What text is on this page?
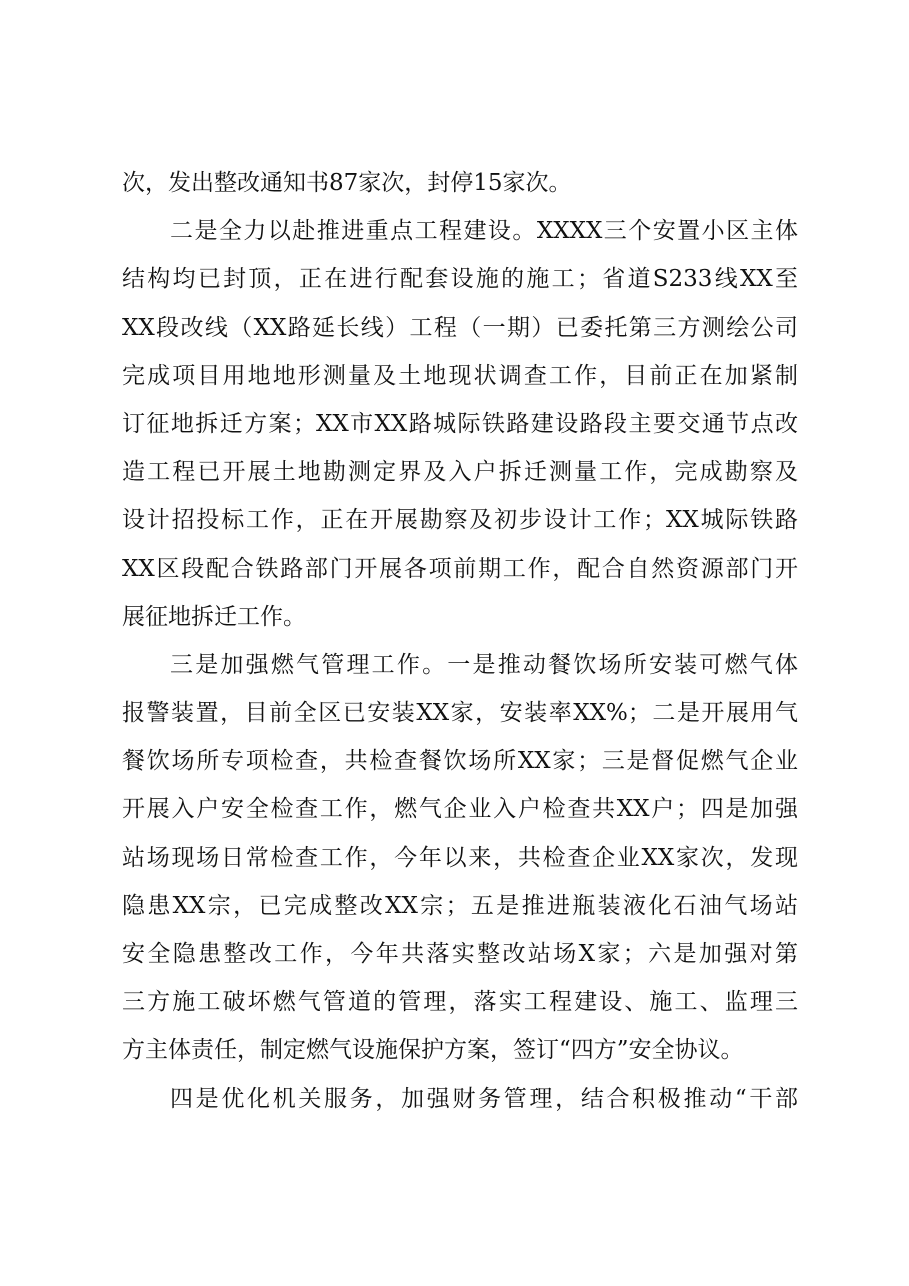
次，发出整改通知书87家次，封停15家次。
二是全力以赴推进重点工程建设。XXXX三个安置小区主体
结构均已封顶，正在进行配套设施的施工；省道S233线XX至
XX段改线（XX路延长线）工程（一期）已委托第三方测绘公司
完成项目用地地形测量及土地现状调查工作，目前正在加紧制
订征地拆迁方案；XX市XX路城际铁路建设路段主要交通节点改
造工程已开展土地勘测定界及入户拆迁测量工作，完成勘察及
设计招投标工作，正在开展勘察及初步设计工作；XX城际铁路
XX区段配合铁路部门开展各项前期工作，配合自然资源部门开
展征地拆迁工作。
三是加强燃气管理工作。一是推动餐饮场所安装可燃气体
报警装置，目前全区已安装XX家，安装率XX%；二是开展用气
餐饮场所专项检查，共检查餐饮场所XX家；三是督促燃气企业
开展入户安全检查工作，燃气企业入户检查共XX户；四是加强
站场现场日常检查工作，今年以来，共检查企业XX家次，发现
隐患XX宗，已完成整改XX宗；五是推进瓶装液化石油气场站
安全隐患整改工作，今年共落实整改站场X家；六是加强对第
三方施工破坏燃气管道的管理，落实工程建设、施工、监理三
方主体责任，制定燃气设施保护方案，签订“四方”安全协议。
四是优化机关服务，加强财务管理，结合积极推动“干部
